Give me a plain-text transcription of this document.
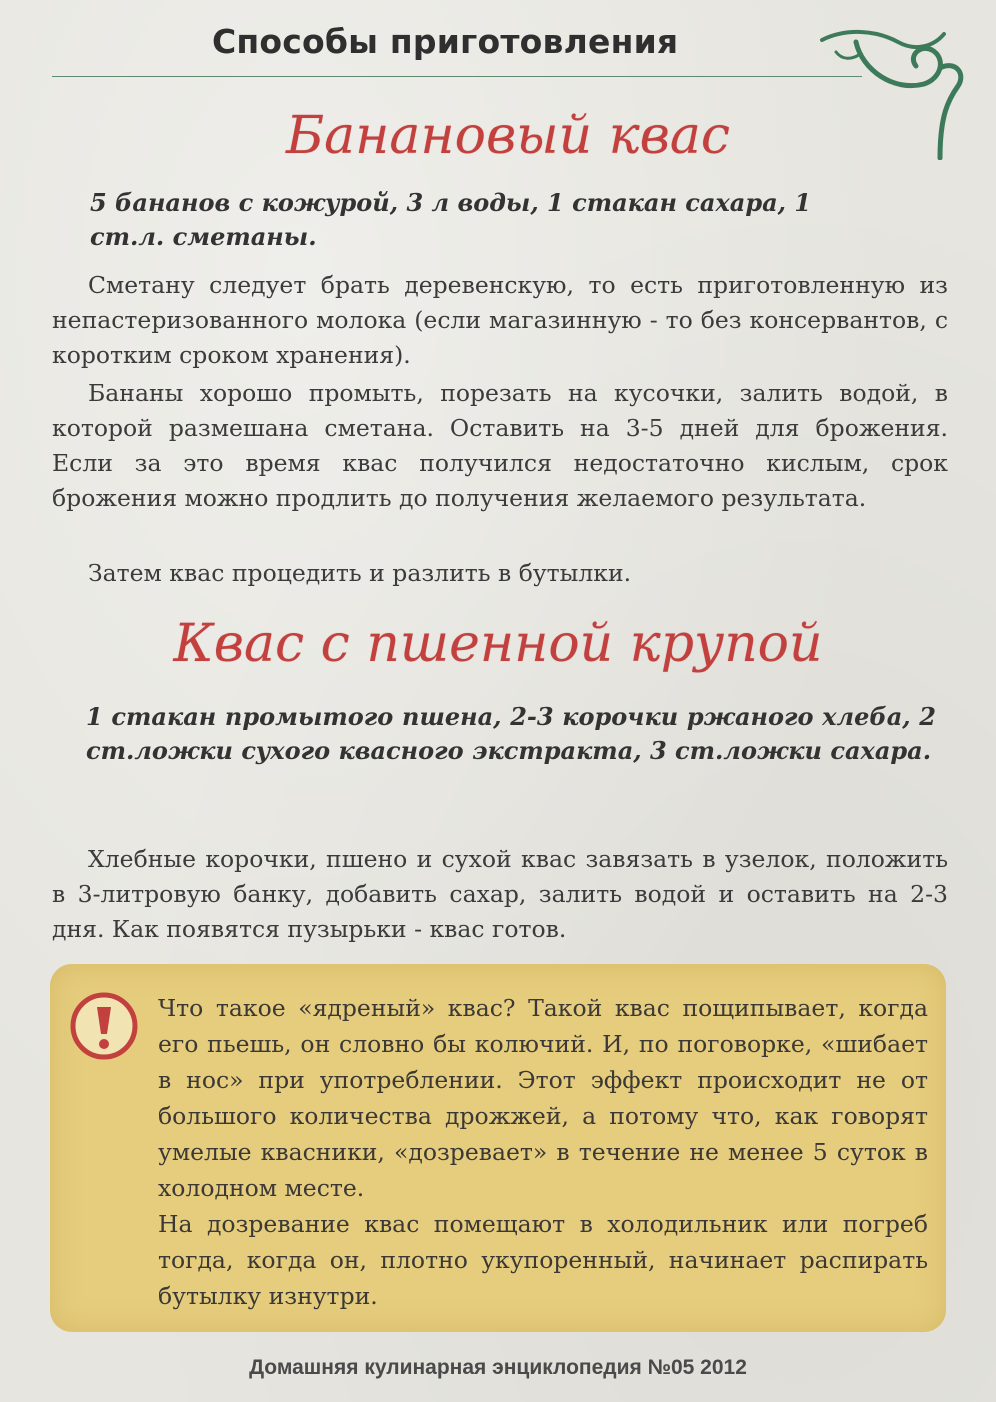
Способы приготовления
Банановый квас

5 бананов с кожурой, 3 л воды, 1 стакан сахара, 1 ст.л. сметаны.

Сметану следует брать деревенскую, то есть приготовленную из непастеризованного молока (если магазинную - то без консервантов, с коротким сроком хранения).

Бананы хорошо промыть, порезать на кусочки, залить водой, в которой размешана сметана. Оставить на 3-5 дней для брожения. Если за это время квас получился недостаточно кислым, срок брожения можно продлить до получения желаемого результата.

Затем квас процедить и разлить в бутылки.

Квас с пшенной крупой

1 стакан промытого пшена, 2-3 корочки ржаного хлеба, 2 ст.ложки сухого квасного экстракта, 3 ст.ложки сахара.

Хлебные корочки, пшено и сухой квас завязать в узелок, положить в 3-литровую банку, добавить сахар, залить водой и оставить на 2-3 дня. Как появятся пузырьки - квас готов.

Что такое «ядреный» квас? Такой квас пощипывает, когда его пьешь, он словно бы колючий. И, по поговорке, «шибает в нос» при употреблении. Этот эффект происходит не от большого количества дрожжей, а потому что, как говорят умелые квасники, «дозревает» в течение не менее 5 суток в холодном месте.

На дозревание квас помещают в холодильник или погреб тогда, когда он, плотно укупоренный, начинает распирать бутылку изнутри.

Домашняя кулинарная энциклопедия №05 2012
